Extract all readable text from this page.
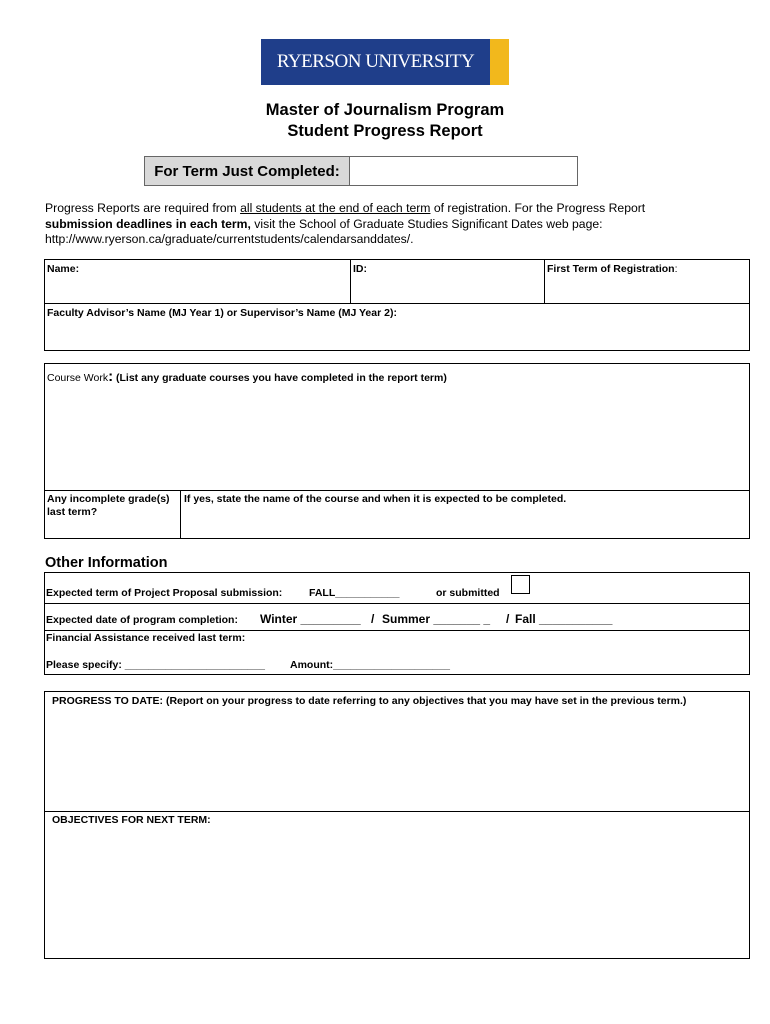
RYERSON UNIVERSITY
Master of Journalism Program
Student Progress Report
For Term Just Completed:
Progress Reports are required from all students at the end of each term of registration. For the Progress Report
submission deadlines in each term, visit the School of Graduate Studies Significant Dates web page:
http://www.ryerson.ca/graduate/currentstudents/calendarsanddates/.
Name:	ID:	First Term of Registration:
Faculty Advisor’s Name (MJ Year 1) or Supervisor’s Name (MJ Year 2):
Course Work: (List any graduate courses you have completed in the report term)
Any incomplete grade(s)
last term?
If yes, state the name of the course and when it is expected to be completed.
Other Information
Expected term of Project Proposal submission:	FALL___________	or submitted
Expected date of program completion: Winter _________ / Summer _______ _ / Fall ___________
Financial Assistance received last term:
Please specify: ________________________ Amount:____________________
PROGRESS TO DATE: (Report on your progress to date referring to any objectives that you may have set in the previous term.)
OBJECTIVES FOR NEXT TERM:
